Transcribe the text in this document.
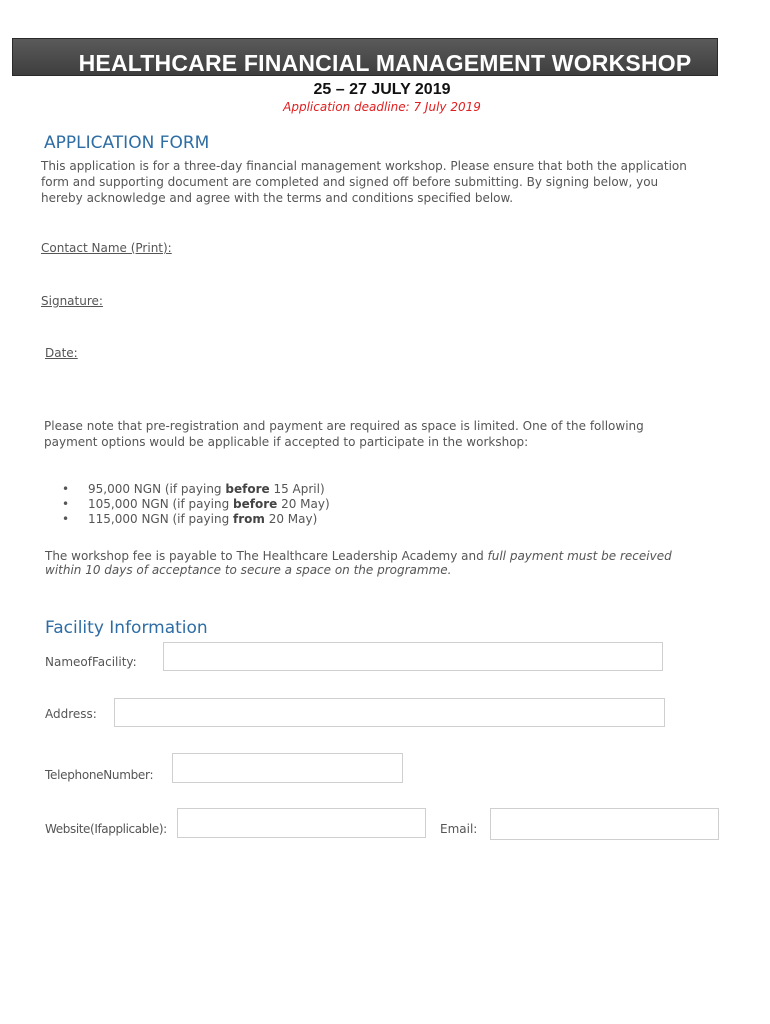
HEALTHCARE FINANCIAL MANAGEMENT WORKSHOP
25 – 27 JULY 2019
Application deadline: 7 July 2019
APPLICATION FORM
This application is for a three-day financial management workshop. Please ensure that both the application
form and supporting document are completed and signed off before submitting. By signing below, you
hereby acknowledge and agree with the terms and conditions specified below.
Contact Name (Print):
Signature:
Date:
Please note that pre-registration and payment are required as space is limited. One of the following
payment options would be applicable if accepted to participate in the workshop:
• 95,000 NGN (if paying before 15 April)
• 105,000 NGN (if paying before 20 May)
• 115,000 NGN (if paying from 20 May)
The workshop fee is payable to The Healthcare Leadership Academy and full payment must be received
within 10 days of acceptance to secure a space on the programme.
Facility Information
NameofFacility:
Address:
TelephoneNumber:
Website(Ifapplicable):	Email:
